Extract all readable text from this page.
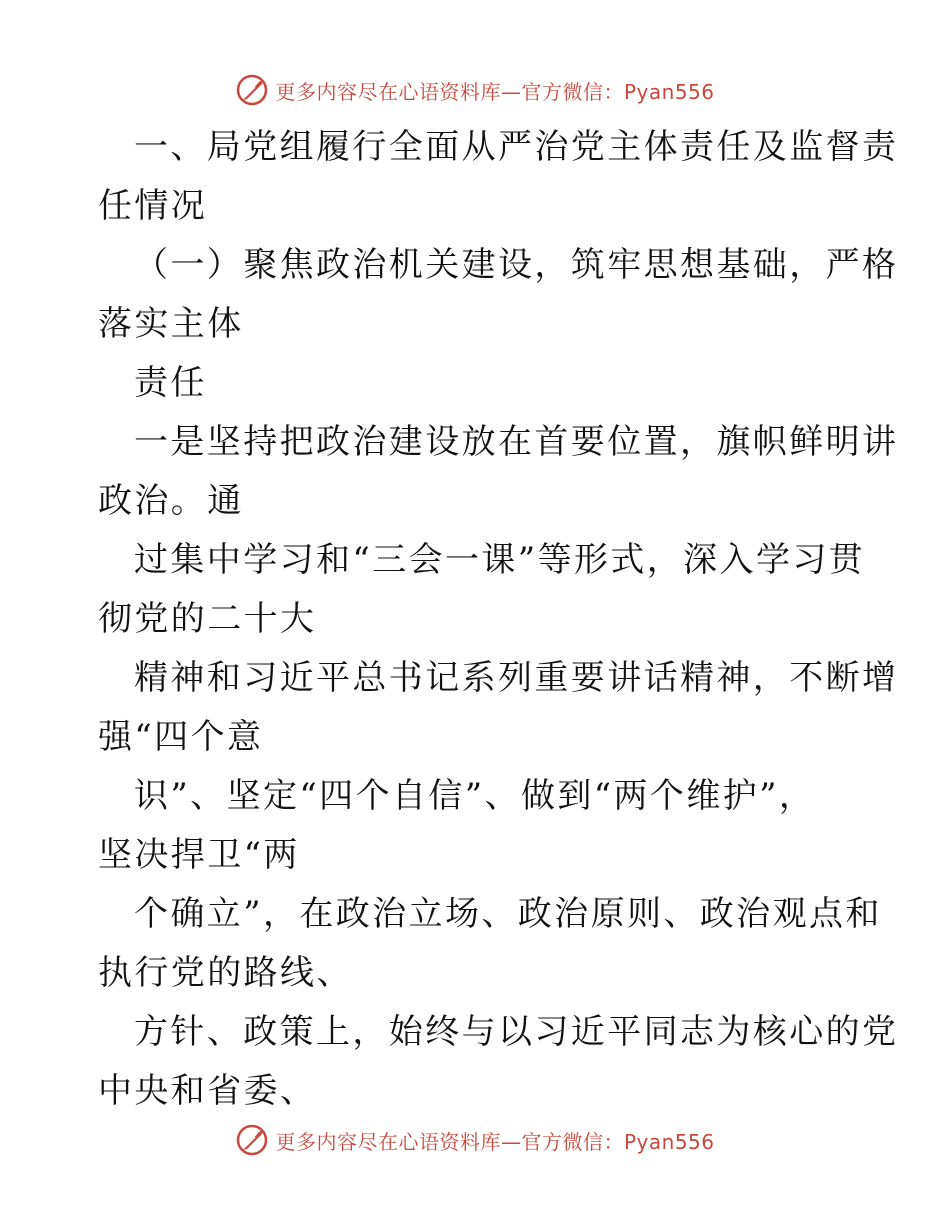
更多内容尽在心语资料库—官方微信：Pyan556
一、局党组履行全面从严治党主体责任及监督责
任情况
（一）聚焦政治机关建设，筑牢思想基础，严格
落实主体
责任
一是坚持把政治建设放在首要位置，旗帜鲜明讲
政治。通
过集中学习和“三会一课”等形式，深入学习贯
彻党的二十大
精神和习近平总书记系列重要讲话精神，不断增
强“四个意
识”、坚定“四个自信”、做到“两个维护”，
坚决捍卫“两
个确立”，在政治立场、政治原则、政治观点和
执行党的路线、
方针、政策上，始终与以习近平同志为核心的党
中央和省委、
更多内容尽在心语资料库—官方微信：Pyan556
